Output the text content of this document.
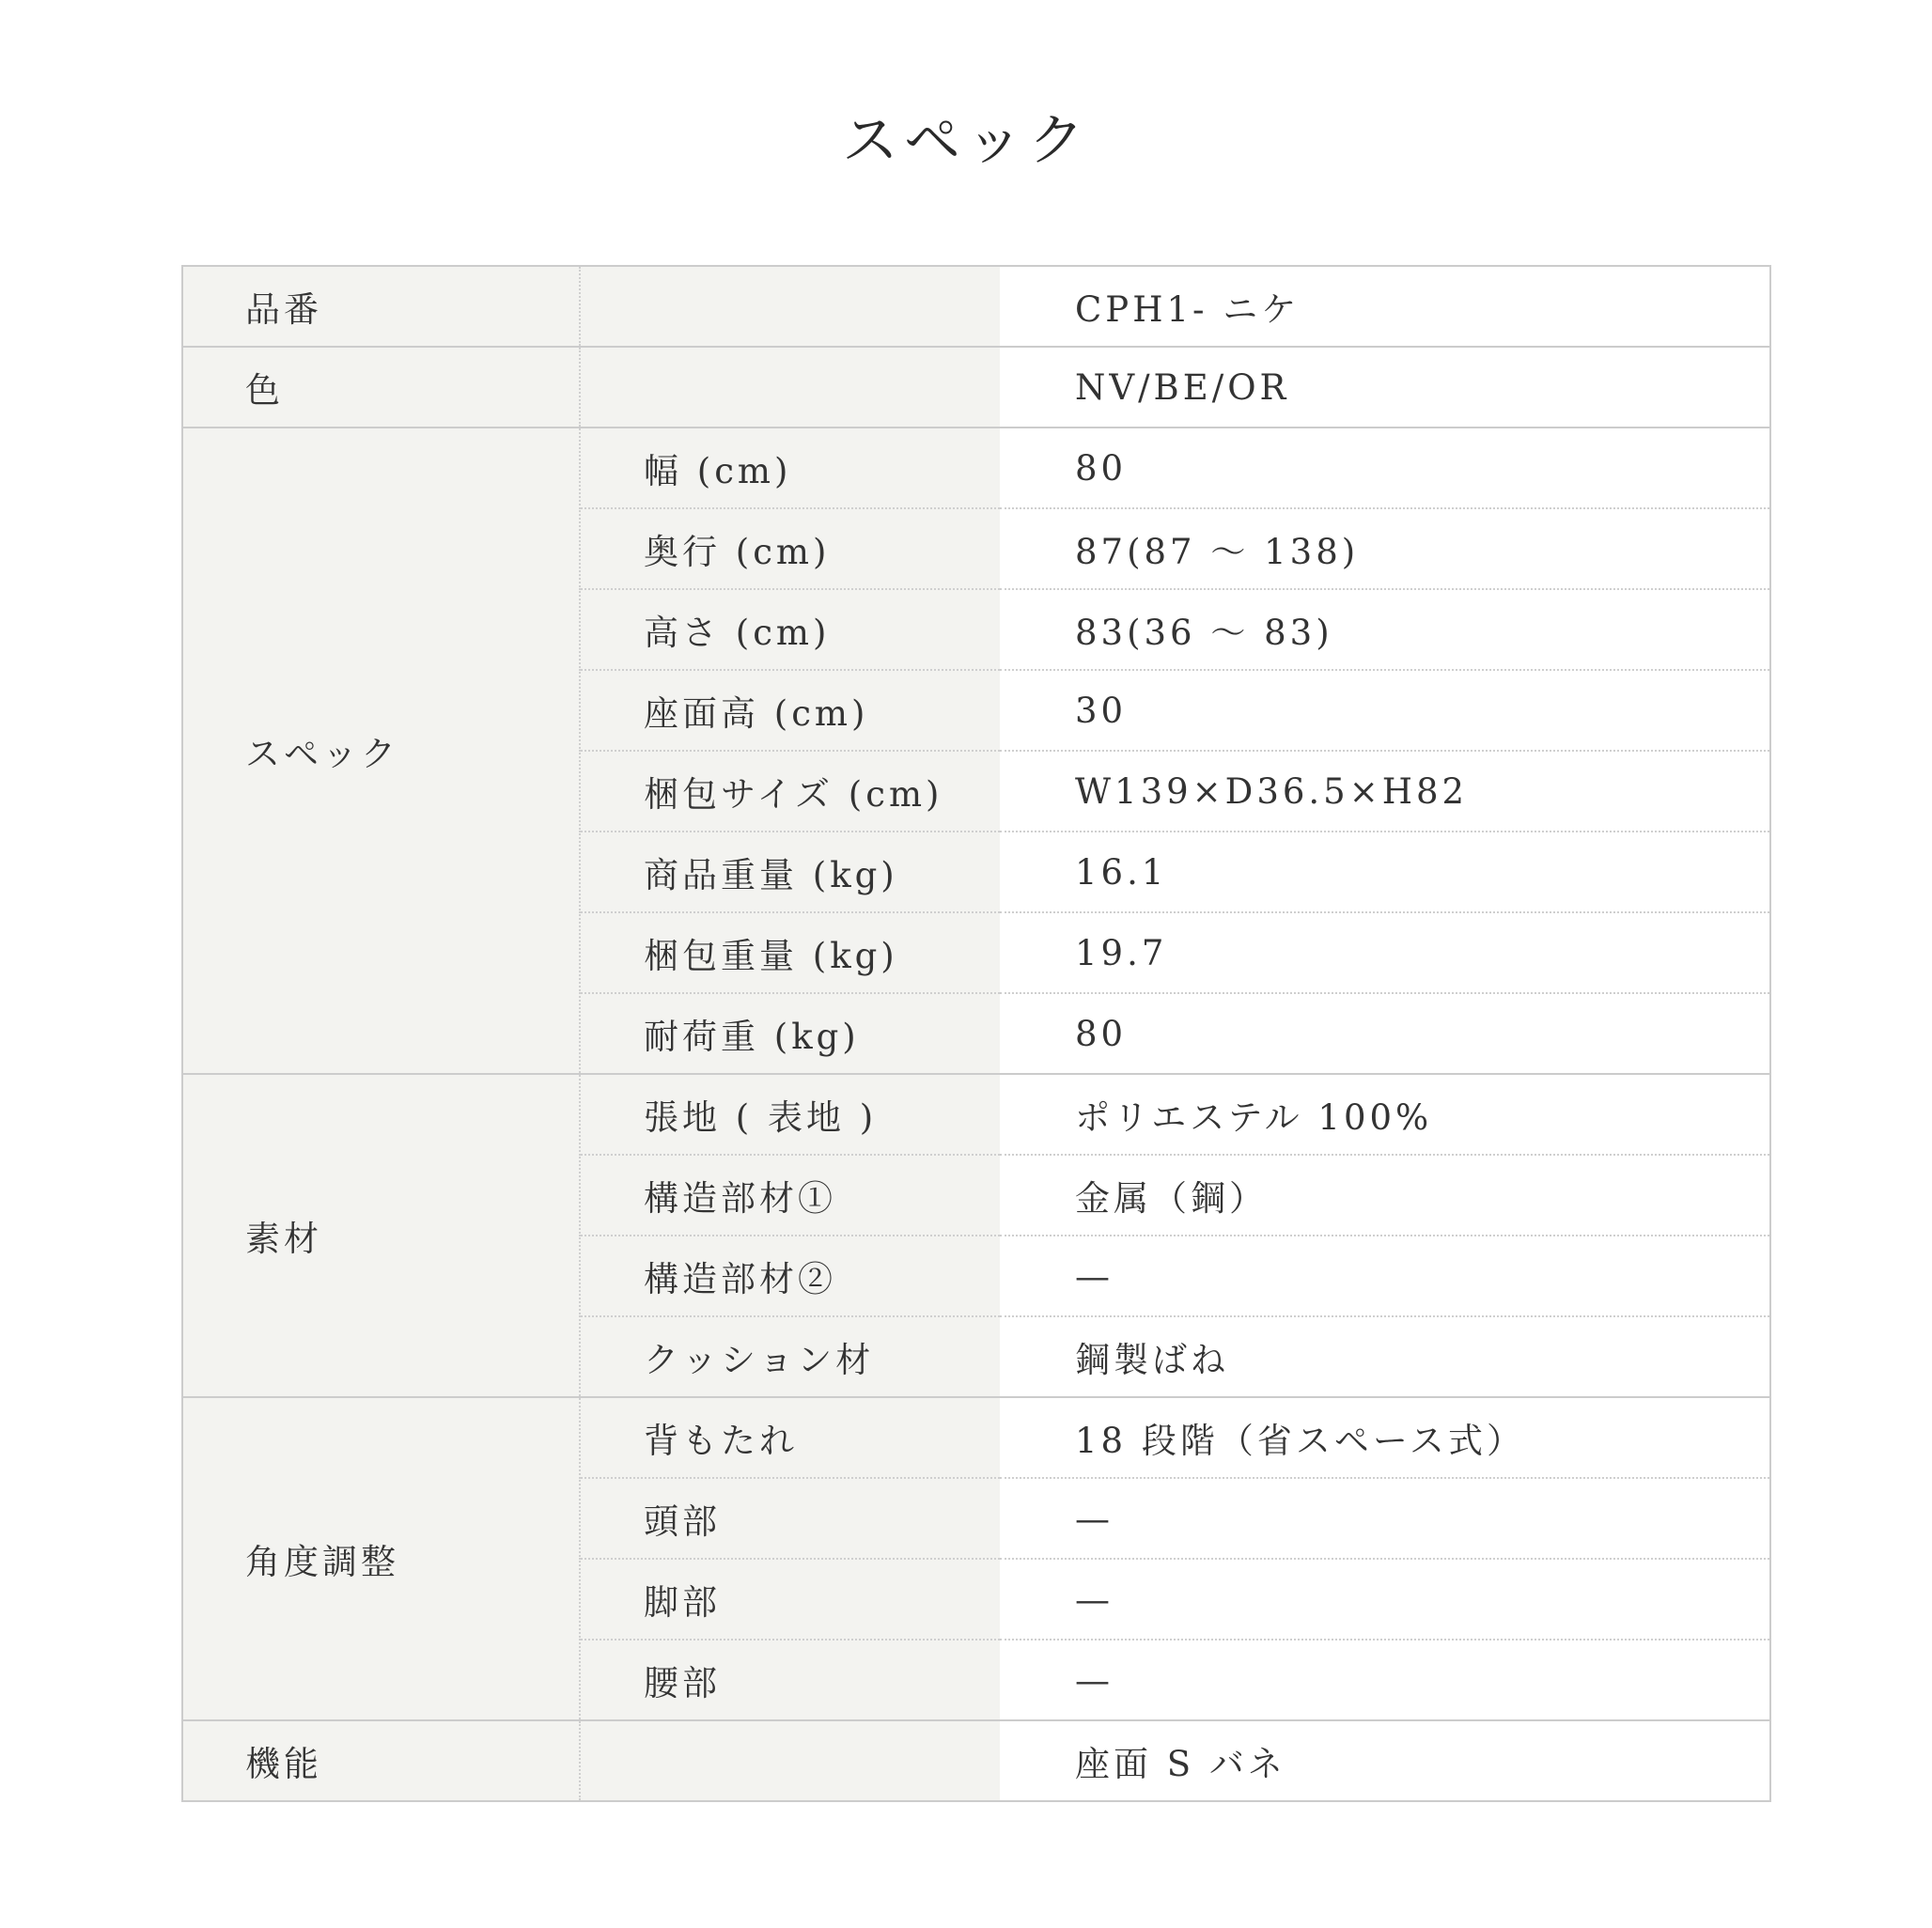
スペック
品番		CPH1- ニケ
色		NV/BE/OR
スペック	幅 (cm)	80
	奥行 (cm)	87(87 ～ 138)
	高さ (cm)	83(36 ～ 83)
	座面高 (cm)	30
	梱包サイズ (cm)	W139×D36.5×H82
	商品重量 (kg)	16.1
	梱包重量 (kg)	19.7
	耐荷重 (kg)	80
素材	張地 ( 表地 )	ポリエステル 100%
	構造部材①	金属（鋼）
	構造部材②	—
	クッション材	鋼製ばね
角度調整	背もたれ	18 段階（省スペース式）
	頭部	—
	脚部	—
	腰部	—
機能		座面 S バネ
